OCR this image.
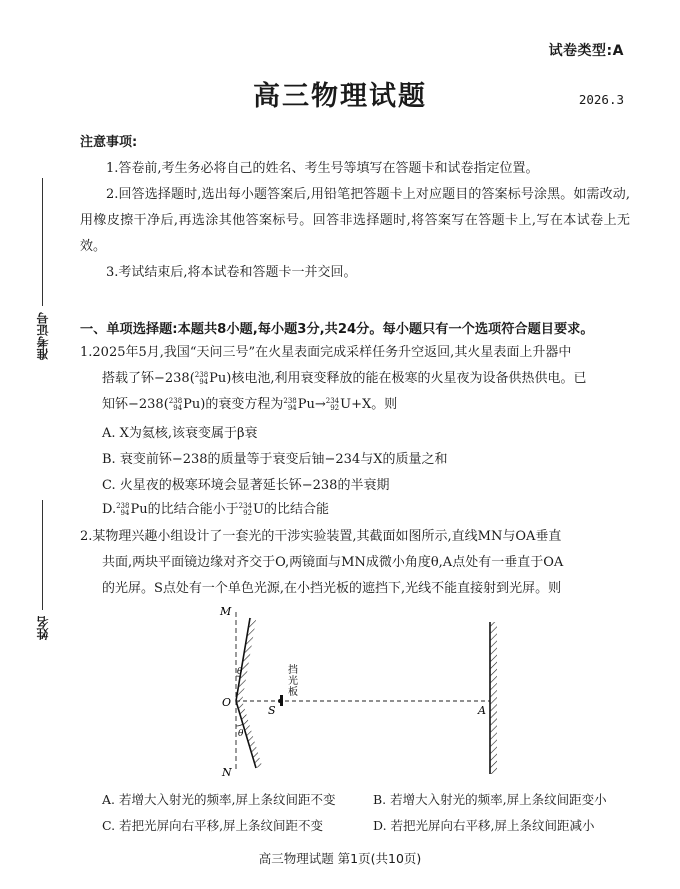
试卷类型:A
高三物理试题	2026.3
准考证号
姓名
注意事项:
1.答卷前,考生务必将自己的姓名、考生号等填写在答题卡和试卷指定位置。
2.回答选择题时,选出每小题答案后,用铅笔把答题卡上对应题目的答案标号涂黑。如需改动,用橡皮擦干净后,再选涂其他答案标号。回答非选择题时,将答案写在答题卡上,写在本试卷上无效。
3.考试结束后,将本试卷和答题卡一并交回。
一、单项选择题:本题共8小题,每小题3分,共24分。每小题只有一个选项符合题目要求。
1.2025年5月,我国“天问三号”在火星表面完成采样任务升空返回,其火星表面上升器中
搭载了钚−238( 238
94 Pu)核电池,利用衰变释放的能在极寒的火星夜为设备供热供电。已
知钚−238( 238
94 Pu)的衰变方程为 238
94 Pu→ 234
92 U+X。则
A. X为氦核,该衰变属于β衰
B. 衰变前钚−238的质量等于衰变后铀−234与X的质量之和
C. 火星夜的极寒环境会显著延长钚−238的半衰期
D. 238
94 Pu的比结合能小于 234
92 U的比结合能
2.某物理兴趣小组设计了一套光的干涉实验装置,其截面如图所示,直线MN与OA垂直
共面,两块平面镜边缘对齐交于O,两镜面与MN成微小角度θ,A点处有一垂直于OA
的光屏。S点处有一个单色光源,在小挡光板的遮挡下,光线不能直接射到光屏。则
M
N
O
S	A
θ
θ
挡光板
A. 若增大入射光的频率,屏上条纹间距不变	B. 若增大入射光的频率,屏上条纹间距变小
C. 若把光屏向右平移,屏上条纹间距不变	D. 若把光屏向右平移,屏上条纹间距减小
高三物理试题 第1页(共10页)
